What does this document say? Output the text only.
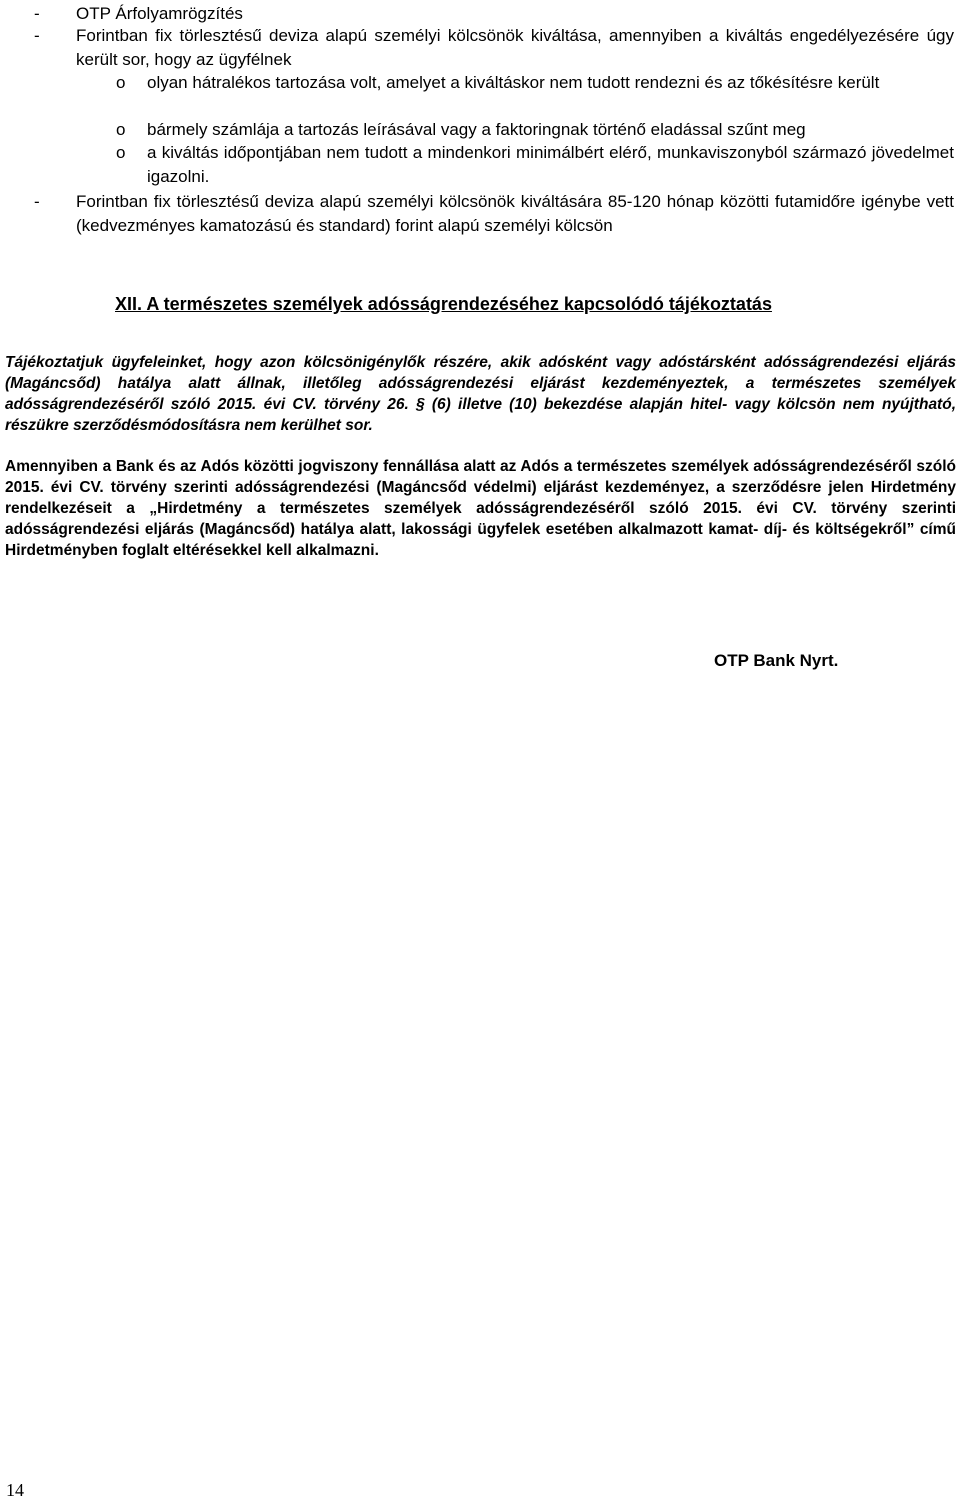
- OTP Árfolyamrögzítés
- Forintban fix törlesztésű deviza alapú személyi kölcsönök kiváltása, amennyiben a kiváltás engedélyezésére úgy került sor, hogy az ügyfélnek
o olyan hátralékos tartozása volt, amelyet a kiváltáskor nem tudott rendezni és az tőkésítésre került
o bármely számlája a tartozás leírásával vagy a faktoringnak történő eladással szűnt meg
o a kiváltás időpontjában nem tudott a mindenkori minimálbért elérő, munkaviszonyból származó jövedelmet igazolni.
- Forintban fix törlesztésű deviza alapú személyi kölcsönök kiváltására 85-120 hónap közötti futamidőre igénybe vett (kedvezményes kamatozású és standard) forint alapú személyi kölcsön
XII. A természetes személyek adósságrendezéséhez kapcsolódó tájékoztatás
Tájékoztatjuk ügyfeleinket, hogy azon kölcsönigénylők részére, akik adósként vagy adóstársként adósságrendezési eljárás (Magáncsőd) hatálya alatt állnak, illetőleg adósságrendezési eljárást kezdeményeztek, a természetes személyek adósságrendezéséről szóló 2015. évi CV. törvény 26. § (6) illetve (10) bekezdése alapján hitel- vagy kölcsön nem nyújtható, részükre szerződésmódosításra nem kerülhet sor.
Amennyiben a Bank és az Adós közötti jogviszony fennállása alatt az Adós a természetes személyek adósságrendezéséről szóló 2015. évi CV. törvény szerinti adósságrendezési (Magáncsőd védelmi) eljárást kezdeményez, a szerződésre jelen Hirdetmény rendelkezéseit a „Hirdetmény a természetes személyek adósságrendezéséről szóló 2015. évi CV. törvény szerinti adósságrendezési eljárás (Magáncsőd) hatálya alatt, lakossági ügyfelek esetében alkalmazott kamat- díj- és költségekről” című Hirdetményben foglalt eltérésekkel kell alkalmazni.
OTP Bank Nyrt.
14
